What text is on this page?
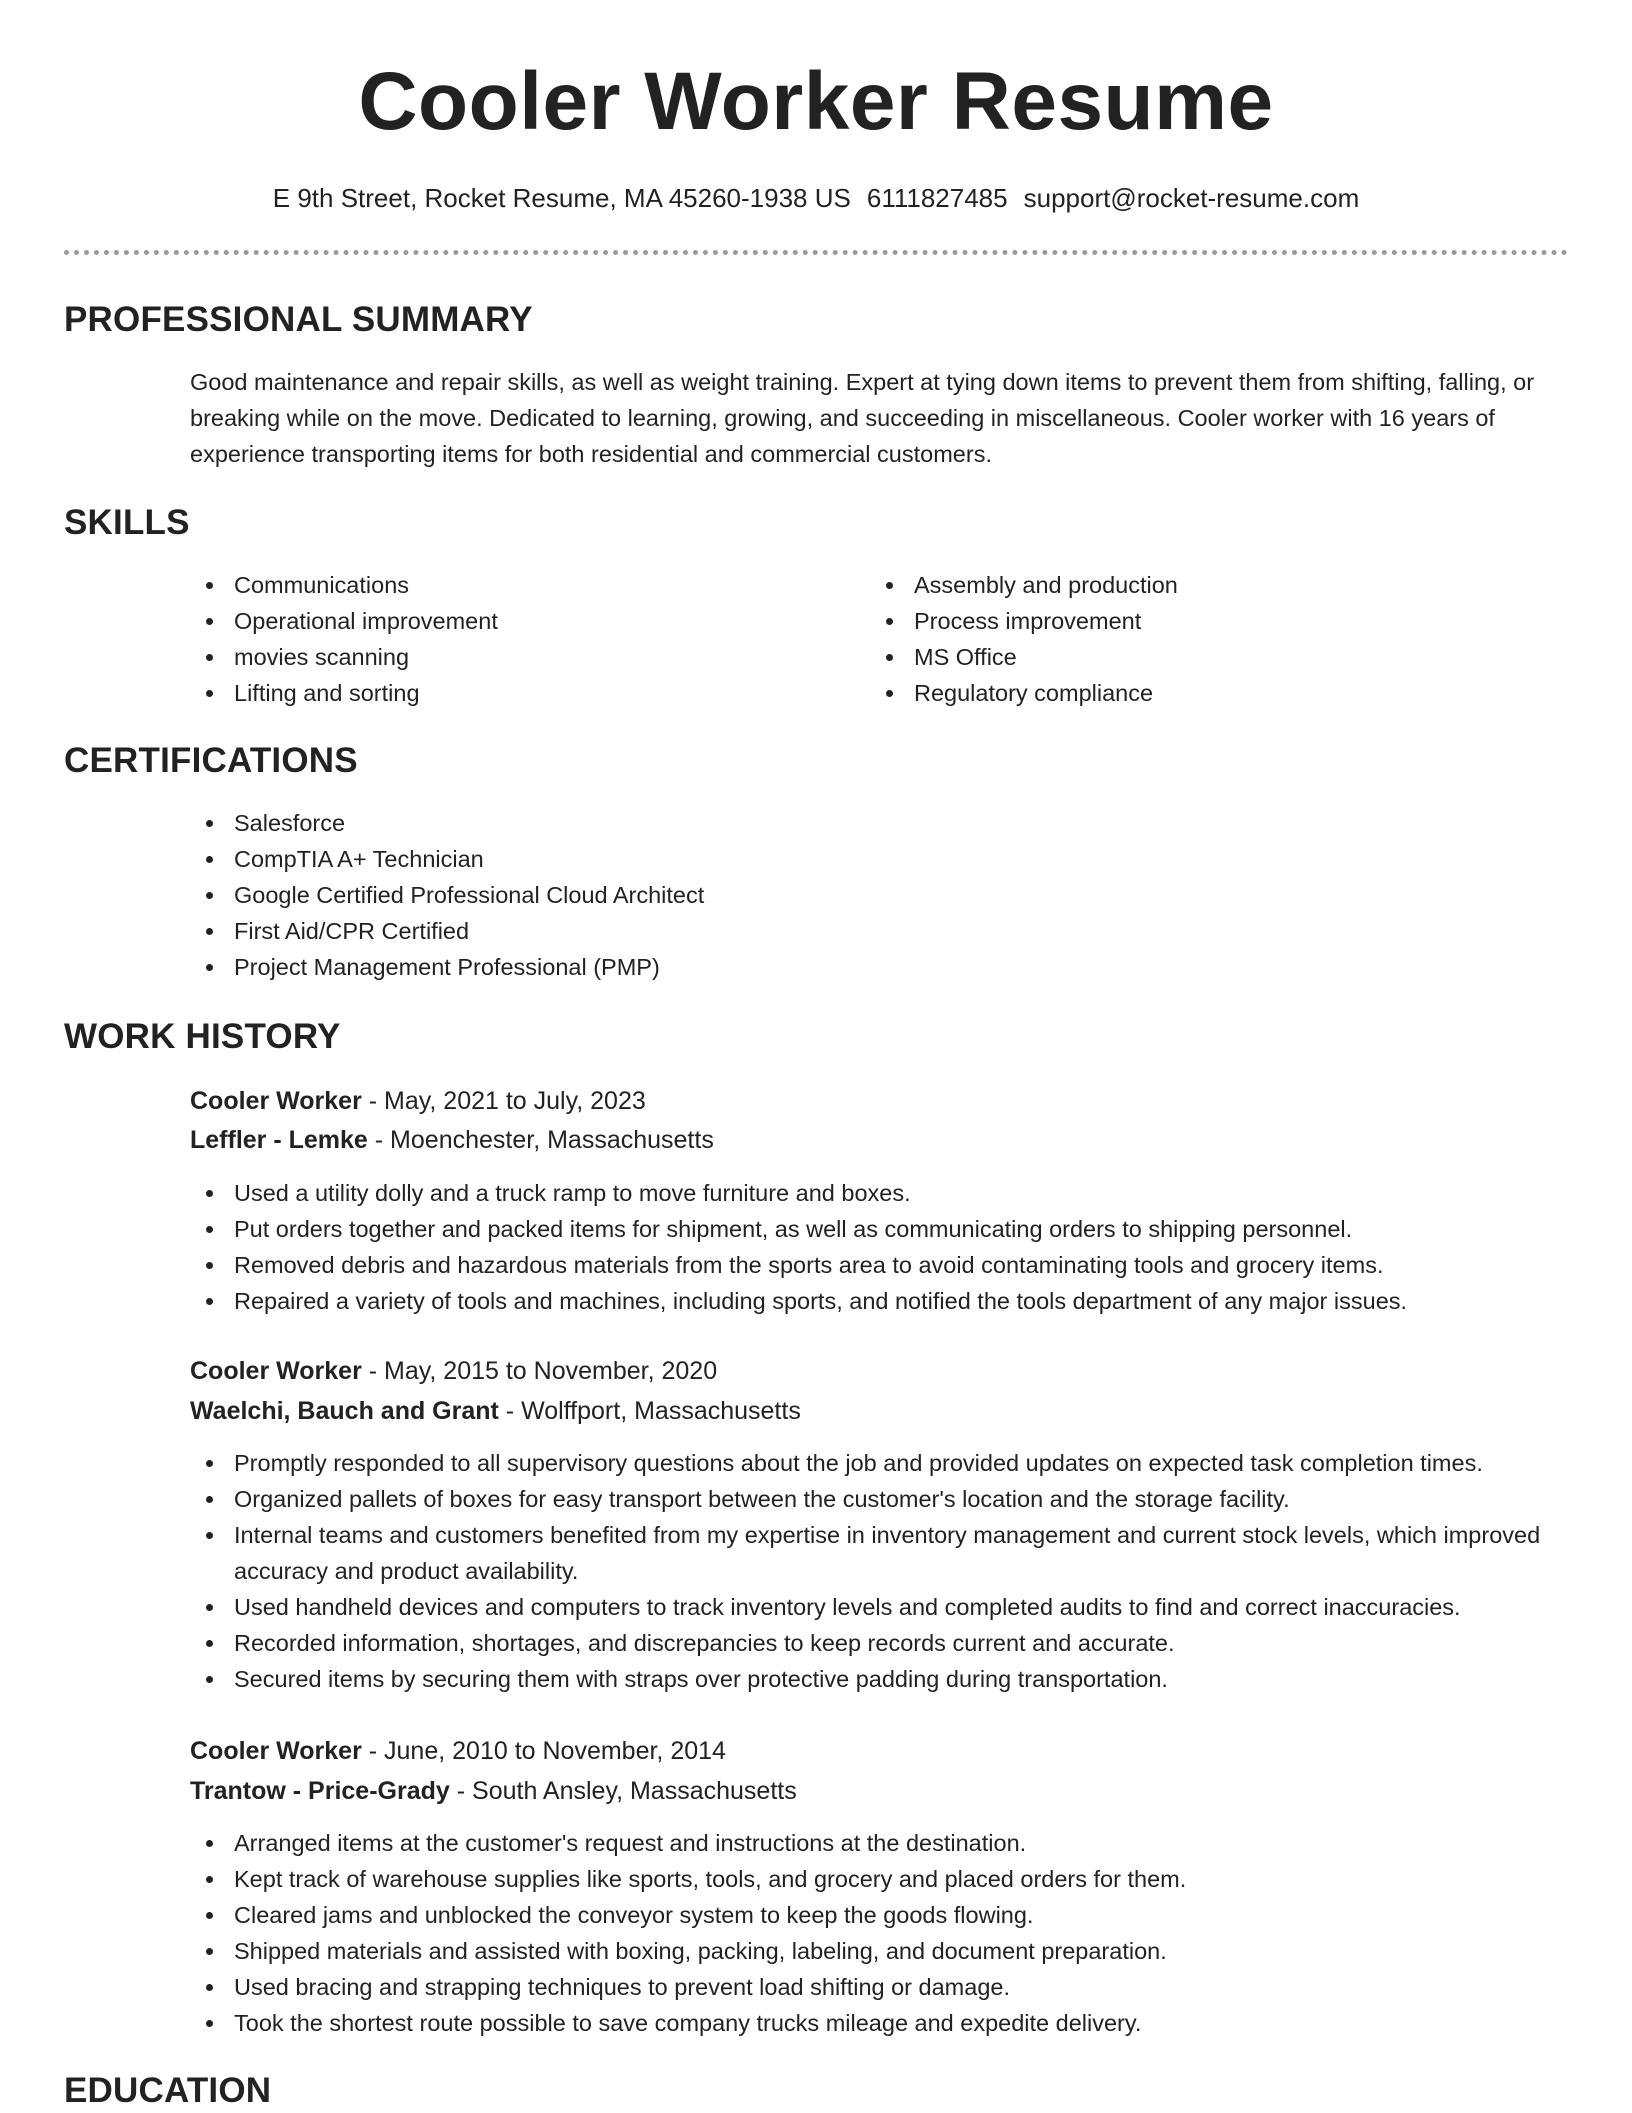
Cooler Worker Resume
E 9th Street, Rocket Resume, MA 45260-1938 US 6111827485 support@rocket-resume.com
PROFESSIONAL SUMMARY
Good maintenance and repair skills, as well as weight training. Expert at tying down items to prevent them from shifting, falling, or breaking while on the move. Dedicated to learning, growing, and succeeding in miscellaneous. Cooler worker with 16 years of experience transporting items for both residential and commercial customers.
SKILLS
Communications
Operational improvement
movies scanning
Lifting and sorting
Assembly and production
Process improvement
MS Office
Regulatory compliance
CERTIFICATIONS
Salesforce
CompTIA A+ Technician
Google Certified Professional Cloud Architect
First Aid/CPR Certified
Project Management Professional (PMP)
WORK HISTORY
Cooler Worker - May, 2021 to July, 2023
Leffler - Lemke - Moenchester, Massachusetts
Used a utility dolly and a truck ramp to move furniture and boxes.
Put orders together and packed items for shipment, as well as communicating orders to shipping personnel.
Removed debris and hazardous materials from the sports area to avoid contaminating tools and grocery items.
Repaired a variety of tools and machines, including sports, and notified the tools department of any major issues.
Cooler Worker - May, 2015 to November, 2020
Waelchi, Bauch and Grant - Wolffport, Massachusetts
Promptly responded to all supervisory questions about the job and provided updates on expected task completion times.
Organized pallets of boxes for easy transport between the customer's location and the storage facility.
Internal teams and customers benefited from my expertise in inventory management and current stock levels, which improved accuracy and product availability.
Used handheld devices and computers to track inventory levels and completed audits to find and correct inaccuracies.
Recorded information, shortages, and discrepancies to keep records current and accurate.
Secured items by securing them with straps over protective padding during transportation.
Cooler Worker - June, 2010 to November, 2014
Trantow - Price-Grady - South Ansley, Massachusetts
Arranged items at the customer's request and instructions at the destination.
Kept track of warehouse supplies like sports, tools, and grocery and placed orders for them.
Cleared jams and unblocked the conveyor system to keep the goods flowing.
Shipped materials and assisted with boxing, packing, labeling, and document preparation.
Used bracing and strapping techniques to prevent load shifting or damage.
Took the shortest route possible to save company trucks mileage and expedite delivery.
EDUCATION
